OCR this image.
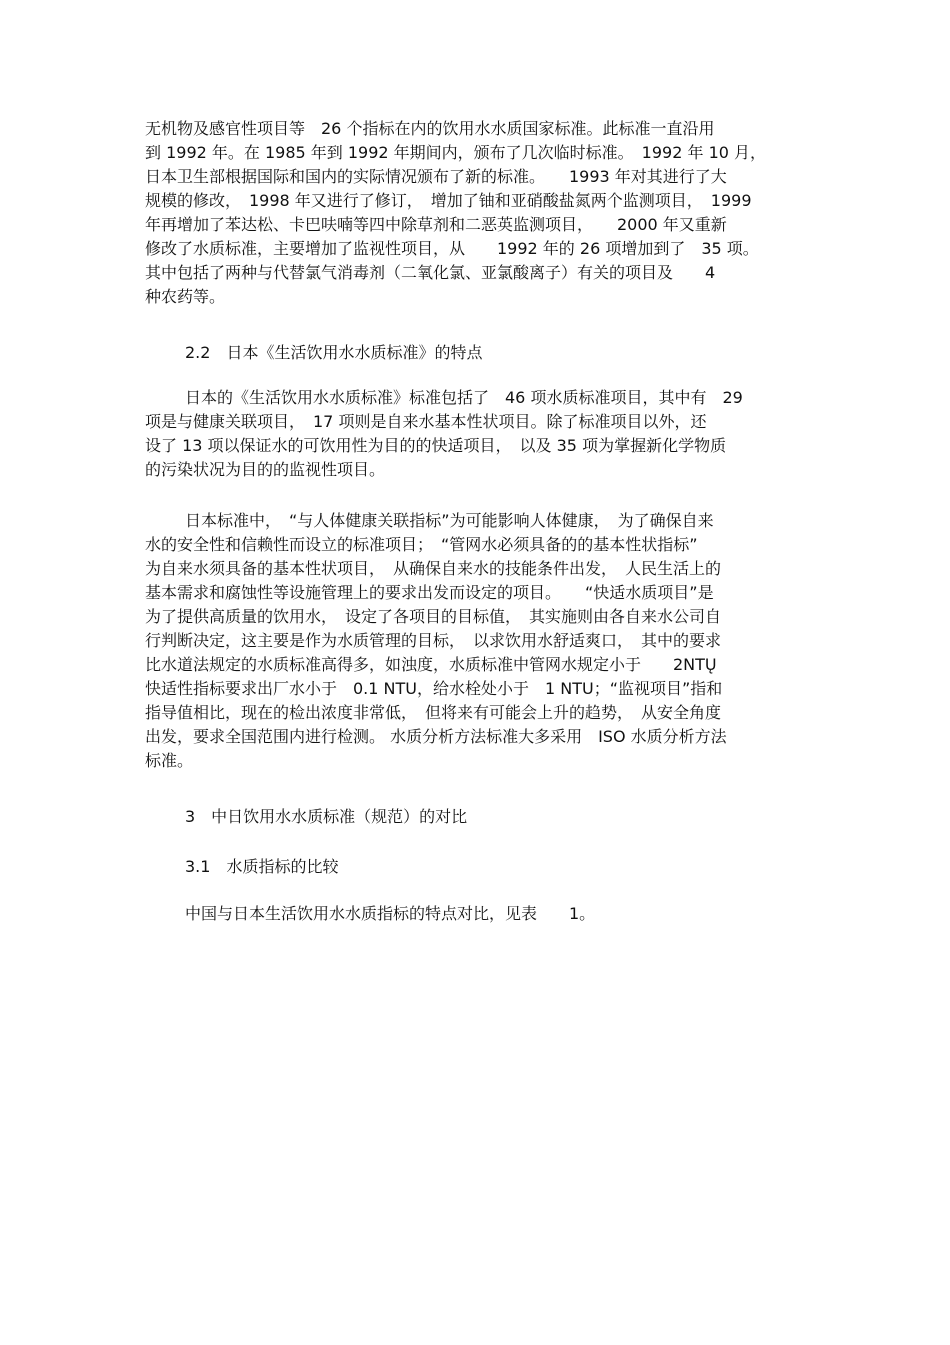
无机物及感官性项目等　26 个指标在内的饮用水水质国家标准。此标准一直沿用
到 1992 年。在 1985 年到 1992 年期间内，颁布了几次临时标准。　1992 年 10 月，
日本卫生部根据国际和国内的实际情况颁布了新的标准。　　1993 年对其进行了大
规模的修改，　1998 年又进行了修订，　增加了铀和亚硝酸盐氮两个监测项目，　1999
年再增加了苯达松、卡巴呋喃等四中除草剂和二恶英监测项目，　　2000 年又重新
修改了水质标准，主要增加了监视性项目，从　　1992 年的 26 项增加到了　35 项。
其中包括了两种与代替氯气消毒剂（二氧化氯、亚氯酸离子）有关的项目及　　4
种农药等。
2.2　日本《生活饮用水水质标准》的特点
日本的《生活饮用水水质标准》标准包括了　46 项水质标准项目，其中有　29
项是与健康关联项目，　17 项则是自来水基本性状项目。除了标准项目以外，还
设了 13 项以保证水的可饮用性为目的的快适项目，　以及 35 项为掌握新化学物质
的污染状况为目的的监视性项目。
日本标准中，　“与人体健康关联指标”为可能影响人体健康，　为了确保自来
水的安全性和信赖性而设立的标准项目；　“管网水必须具备的的基本性状指标”
为自来水须具备的基本性状项目，　从确保自来水的技能条件出发，　人民生活上的
基本需求和腐蚀性等设施管理上的要求出发而设定的项目。　　“快适水质项目”是
为了提供高质量的饮用水，　设定了各项目的目标值，　其实施则由各自来水公司自
行判断决定，这主要是作为水质管理的目标，　以求饮用水舒适爽口，　其中的要求
比水道法规定的水质标准高得多，如浊度，水质标准中管网水规定小于　　2NTŲ
快适性指标要求出厂水小于　0.1 NTU，给水栓处小于　1 NTU；“监视项目”指和
指导值相比，现在的检出浓度非常低，　但将来有可能会上升的趋势，　从安全角度
出发，要求全国范围内进行检测。 水质分析方法标准大多采用　ISO 水质分析方法
标准。
3　中日饮用水水质标准（规范）的对比
3.1　水质指标的比较
中国与日本生活饮用水水质指标的特点对比，见表　　1。
